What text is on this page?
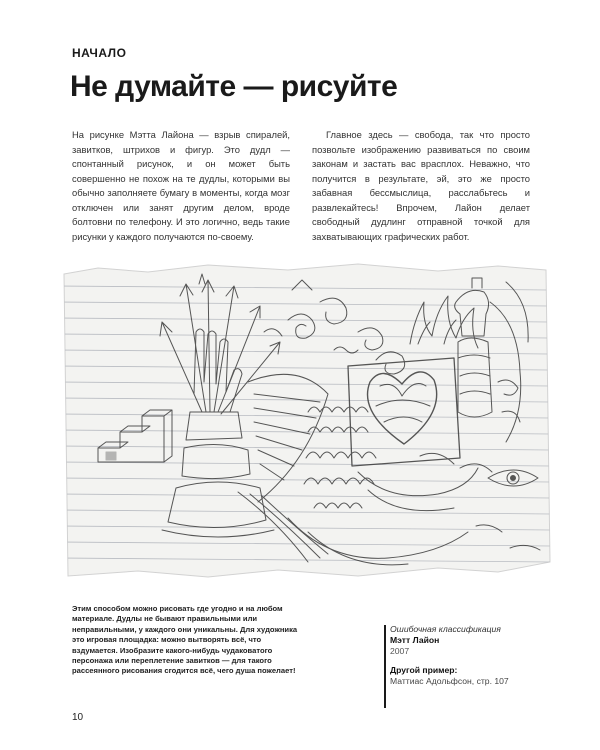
НАЧАЛО
Не думайте — рисуйте

На рисунке Мэтта Лайона — взрыв спиралей, завитков, штрихов и фигур. Это дудл — спонтанный рисунок, и он может быть совершенно не похож на те дудлы, которыми вы обычно заполняете бумагу в моменты, когда мозг отключен или занят другим делом, вроде болтовни по телефону. И это логично, ведь такие рисунки у каждого получаются по-своему.

Главное здесь — свобода, так что просто позвольте изображению развиваться по своим законам и застать вас врасплох. Неважно, что получится в результате, эй, это же просто забавная бессмыслица, расслабьтесь и развлекайтесь! Впрочем, Лайон делает свободный дудлинг отправной точкой для захватывающих графических работ.

Этим способом можно рисовать где угодно и на любом материале. Дудлы не бывают правильными или неправильными, у каждого они уникальны. Для художника это игровая площадка: можно вытворять всё, что вздумается. Изобразите какого-нибудь чудаковатого персонажа или переплетение завитков — для такого рассеянного рисования сгодится всё, чего душа пожелает!

Ошибочная классификация
Мэтт Лайон
2007
Другой пример:
Маттиас Адольфсон, стр. 107
10
